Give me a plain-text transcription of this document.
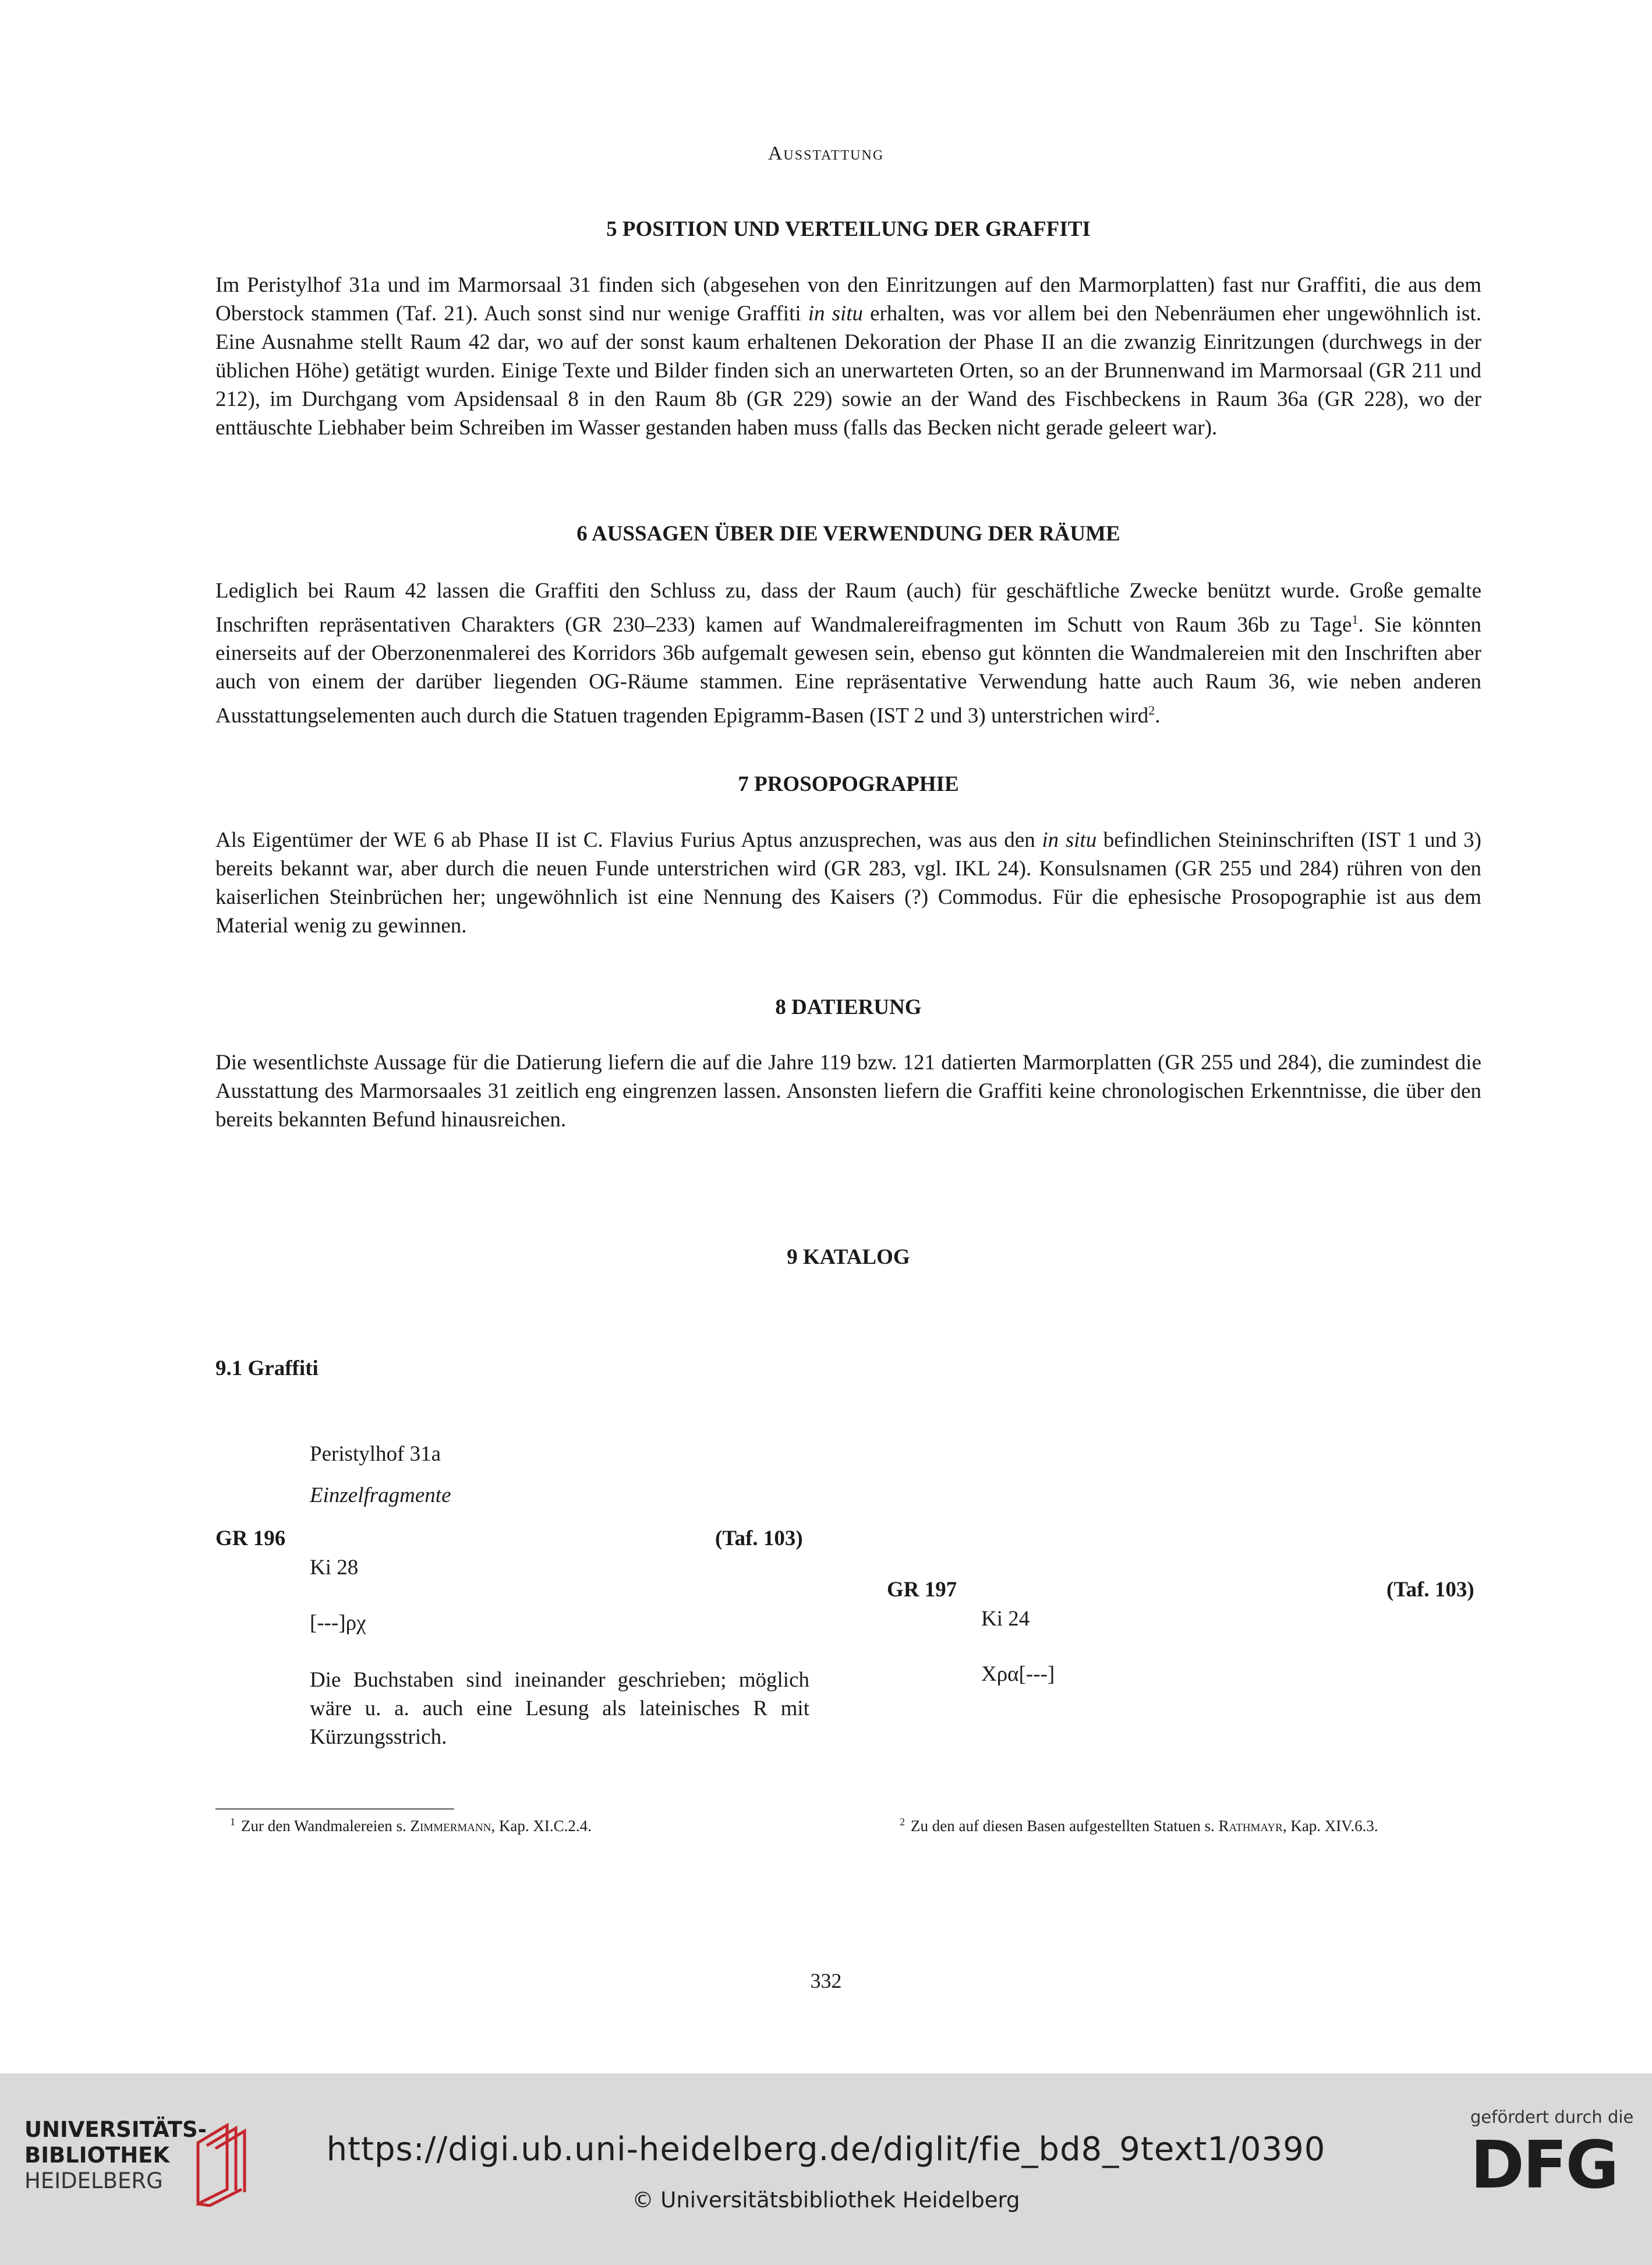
Ausstattung
5 POSITION UND VERTEILUNG DER GRAFFITI

Im Peristylhof 31a und im Marmorsaal 31 finden sich (abgesehen von den Einritzungen auf den Marmorplatten) fast nur Graffiti, die aus dem Oberstock stammen (Taf. 21). Auch sonst sind nur wenige Graffiti in situ erhalten, was vor allem bei den Nebenräumen eher ungewöhnlich ist. Eine Ausnahme stellt Raum 42 dar, wo auf der sonst kaum erhaltenen Dekoration der Phase II an die zwanzig Einritzungen (durchwegs in der üblichen Höhe) getätigt wurden. Einige Texte und Bilder finden sich an unerwarteten Orten, so an der Brunnenwand im Marmorsaal (GR 211 und 212), im Durchgang vom Apsidensaal 8 in den Raum 8b (GR 229) sowie an der Wand des Fischbeckens in Raum 36a (GR 228), wo der enttäuschte Liebhaber beim Schreiben im Wasser gestanden haben muss (falls das Becken nicht gerade geleert war).

6 AUSSAGEN ÜBER DIE VERWENDUNG DER RÄUME

Lediglich bei Raum 42 lassen die Graffiti den Schluss zu, dass der Raum (auch) für geschäftliche Zwecke benützt wurde. Große gemalte Inschriften repräsentativen Charakters (GR 230–233) kamen auf Wandmalereifragmenten im Schutt von Raum 36b zu Tage$^1$. Sie könnten einerseits auf der Oberzonenmalerei des Korridors 36b aufgemalt gewesen sein, ebenso gut könnten die Wandmalereien mit den Inschriften aber auch von einem der darüber liegenden OG-Räume stammen. Eine repräsentative Verwendung hatte auch Raum 36, wie neben anderen Ausstattungselementen auch durch die Statuen tragenden Epigramm-Basen (IST 2 und 3) unterstrichen wird$^2$.

7 PROSOPOGRAPHIE

Als Eigentümer der WE 6 ab Phase II ist C. Flavius Furius Aptus anzusprechen, was aus den in situ befindlichen Steininschriften (IST 1 und 3) bereits bekannt war, aber durch die neuen Funde unterstrichen wird (GR 283, vgl. IKL 24). Konsulsnamen (GR 255 und 284) rühren von den kaiserlichen Steinbrüchen her; ungewöhnlich ist eine Nennung des Kaisers (?) Commodus. Für die ephesische Prosopographie ist aus dem Material wenig zu gewinnen.

8 DATIERUNG

Die wesentlichste Aussage für die Datierung liefern die auf die Jahre 119 bzw. 121 datierten Marmorplatten (GR 255 und 284), die zumindest die Ausstattung des Marmorsaales 31 zeitlich eng eingrenzen lassen. Ansonsten liefern die Graffiti keine chronologischen Erkenntnisse, die über den bereits bekannten Befund hinausreichen.

9 KATALOG
9.1 Graffiti
Peristylhof 31a
Einzelfragmente
GR 196	(Taf. 103)
Ki 28
[---]ρχ

Die Buchstaben sind ineinander geschrieben; möglich wäre u. a. auch eine Lesung als lateinisches R mit Kürzungsstrich.

GR 197	(Taf. 103)
Ki 24
Χρα[---]
$^1$ Zur den Wandmalereien s. Zimmermann, Kap. XI.C.2.4.	$^2$ Zu den auf diesen Basen aufgestellten Statuen s. Rathmayr, Kap. XIV.6.3.
332
UNIVERSITÄTS-
BIBLIOTHEK
HEIDELBERG
https://digi.ub.uni-heidelberg.de/diglit/fie_bd8_9text1/0390
© Universitätsbibliothek Heidelberg
gefördert durch die
DFG
